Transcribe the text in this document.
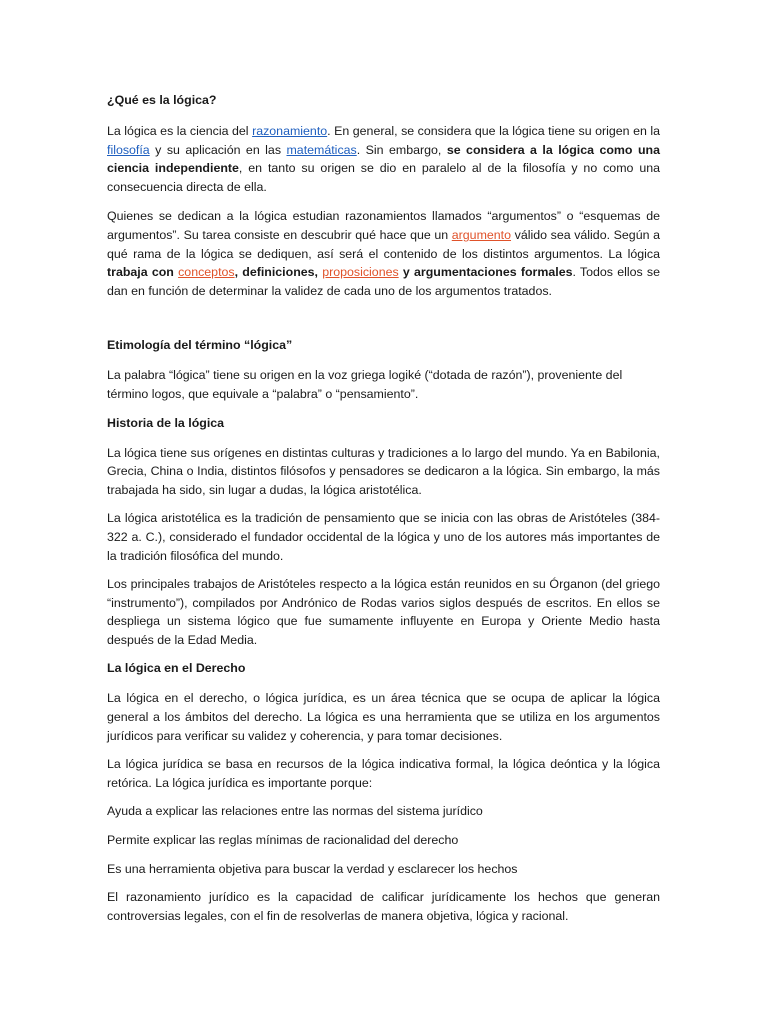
¿Qué es la lógica?

La lógica es la ciencia del razonamiento. En general, se considera que la lógica tiene su origen en la filosofía y su aplicación en las matemáticas. Sin embargo, se considera a la lógica como una ciencia independiente, en tanto su origen se dio en paralelo al de la filosofía y no como una consecuencia directa de ella.

Quienes se dedican a la lógica estudian razonamientos llamados “argumentos” o “esquemas de argumentos”. Su tarea consiste en descubrir qué hace que un argumento válido sea válido. Según a qué rama de la lógica se dediquen, así será el contenido de los distintos argumentos. La lógica trabaja con conceptos, definiciones, proposiciones y argumentaciones formales. Todos ellos se dan en función de determinar la validez de cada uno de los argumentos tratados.

Etimología del término “lógica”

La palabra “lógica” tiene su origen en la voz griega logiké (“dotada de razón”), proveniente del término logos, que equivale a “palabra” o “pensamiento”.

Historia de la lógica

La lógica tiene sus orígenes en distintas culturas y tradiciones a lo largo del mundo. Ya en Babilonia, Grecia, China o India, distintos filósofos y pensadores se dedicaron a la lógica. Sin embargo, la más trabajada ha sido, sin lugar a dudas, la lógica aristotélica.

La lógica aristotélica es la tradición de pensamiento que se inicia con las obras de Aristóteles (384-322 a. C.), considerado el fundador occidental de la lógica y uno de los autores más importantes de la tradición filosófica del mundo.

Los principales trabajos de Aristóteles respecto a la lógica están reunidos en su Órganon (del griego “instrumento”), compilados por Andrónico de Rodas varios siglos después de escritos. En ellos se despliega un sistema lógico que fue sumamente influyente en Europa y Oriente Medio hasta después de la Edad Media.

La lógica en el Derecho

La lógica en el derecho, o lógica jurídica, es un área técnica que se ocupa de aplicar la lógica general a los ámbitos del derecho. La lógica es una herramienta que se utiliza en los argumentos jurídicos para verificar su validez y coherencia, y para tomar decisiones.

La lógica jurídica se basa en recursos de la lógica indicativa formal, la lógica deóntica y la lógica retórica. La lógica jurídica es importante porque:

Ayuda a explicar las relaciones entre las normas del sistema jurídico

Permite explicar las reglas mínimas de racionalidad del derecho

Es una herramienta objetiva para buscar la verdad y esclarecer los hechos

El razonamiento jurídico es la capacidad de calificar jurídicamente los hechos que generan controversias legales, con el fin de resolverlas de manera objetiva, lógica y racional.
